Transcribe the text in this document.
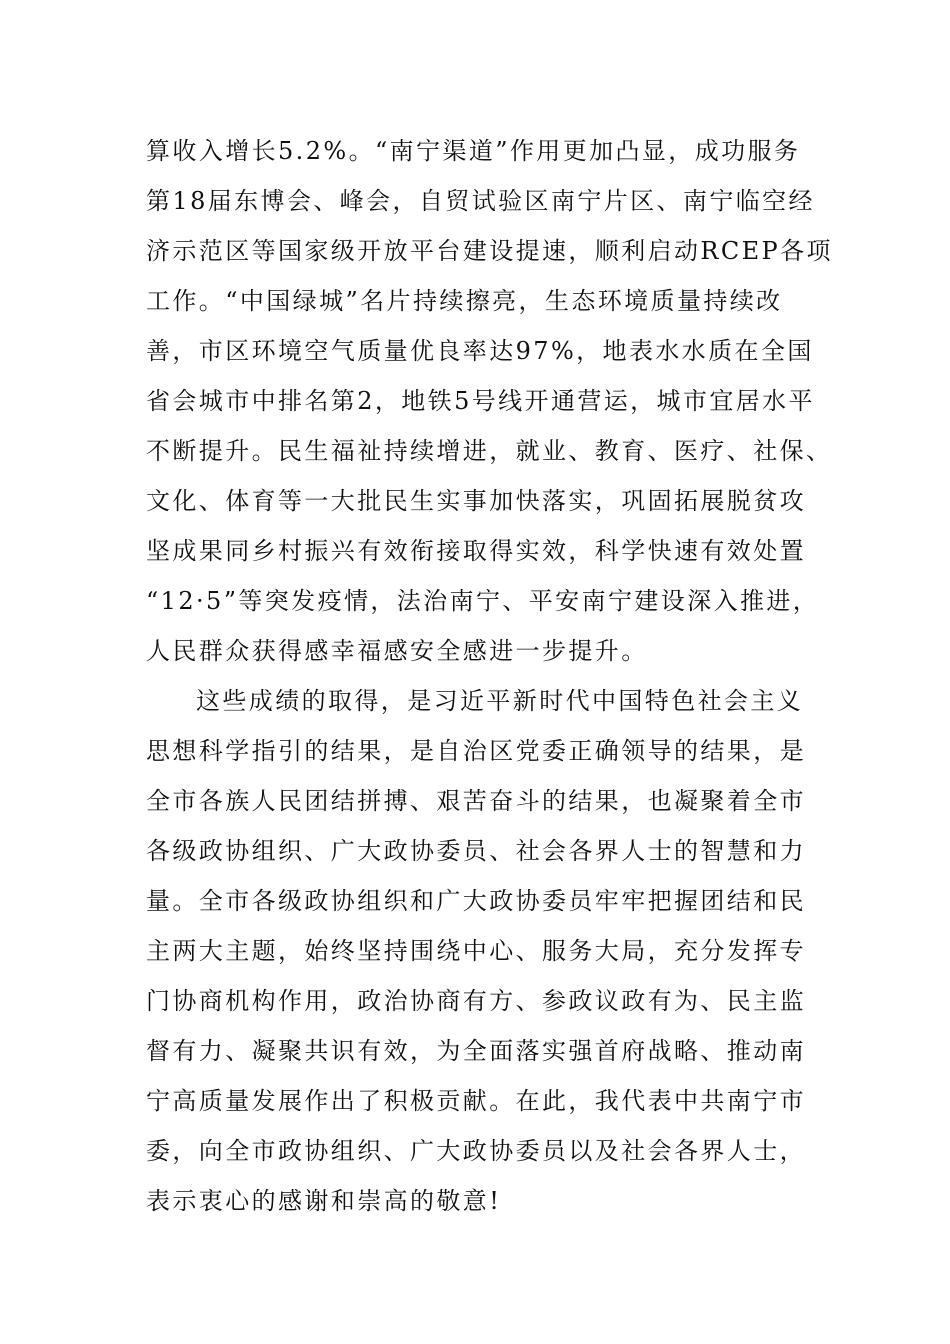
算收入增长5.2%。“南宁渠道”作用更加凸显，成功服务
第18届东博会、峰会，自贸试验区南宁片区、南宁临空经
济示范区等国家级开放平台建设提速，顺利启动RCEP各项
工作。“中国绿城”名片持续擦亮，生态环境质量持续改
善，市区环境空气质量优良率达97%，地表水水质在全国
省会城市中排名第2，地铁5号线开通营运，城市宜居水平
不断提升。民生福祉持续增进，就业、教育、医疗、社保、
文化、体育等一大批民生实事加快落实，巩固拓展脱贫攻
坚成果同乡村振兴有效衔接取得实效，科学快速有效处置
“12·5”等突发疫情，法治南宁、平安南宁建设深入推进，
人民群众获得感幸福感安全感进一步提升。
这些成绩的取得，是习近平新时代中国特色社会主义
思想科学指引的结果，是自治区党委正确领导的结果，是
全市各族人民团结拼搏、艰苦奋斗的结果，也凝聚着全市
各级政协组织、广大政协委员、社会各界人士的智慧和力
量。全市各级政协组织和广大政协委员牢牢把握团结和民
主两大主题，始终坚持围绕中心、服务大局，充分发挥专
门协商机构作用，政治协商有方、参政议政有为、民主监
督有力、凝聚共识有效，为全面落实强首府战略、推动南
宁高质量发展作出了积极贡献。在此，我代表中共南宁市
委，向全市政协组织、广大政协委员以及社会各界人士，
表示衷心的感谢和崇高的敬意!
